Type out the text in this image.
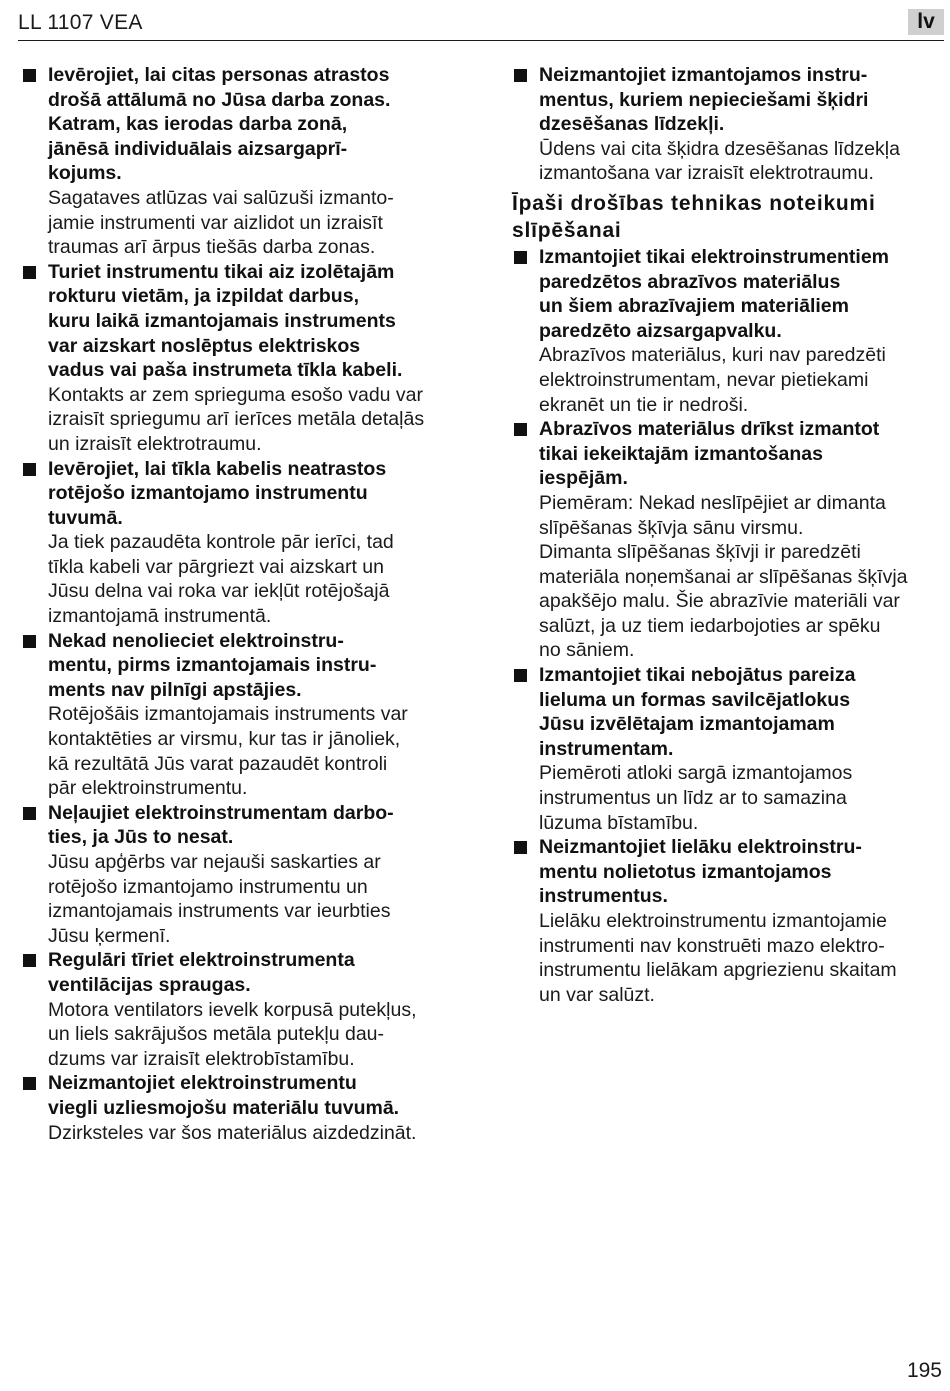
LL 1107 VEA	lv

Ievērojiet, lai citas personas atrastos
drošā attālumā no Jūsa darba zonas.
Katram, kas ierodas darba zonā,
jānēsā individuālais aizsargaprī-
kojums.

Sagataves atlūzas vai salūzuši izmanto-
jamie instrumenti var aizlidot un izraisīt
traumas arī ārpus tiešās darba zonas.

Turiet instrumentu tikai aiz izolētajām
rokturu vietām, ja izpildat darbus,
kuru laikā izmantojamais instruments
var aizskart noslēptus elektriskos
vadus vai paša instrumeta tīkla kabeli.

Kontakts ar zem sprieguma esošo vadu var
izraisīt spriegumu arī ierīces metāla detaļās
un izraisīt elektrotraumu.

Ievērojiet, lai tīkla kabelis neatrastos
rotējošo izmantojamo instrumentu
tuvumā.

Ja tiek pazaudēta kontrole pār ierīci, tad
tīkla kabeli var pārgriezt vai aizskart un
Jūsu delna vai roka var iekļūt rotējošajā
izmantojamā instrumentā.

Nekad nenolieciet elektroinstru-
mentu, pirms izmantojamais instru-
ments nav pilnīgi apstājies.

Rotējošāis izmantojamais instruments var
kontaktēties ar virsmu, kur tas ir jānoliek,
kā rezultātā Jūs varat pazaudēt kontroli
pār elektroinstrumentu.

Neļaujiet elektroinstrumentam darbo-
ties, ja Jūs to nesat.

Jūsu apģērbs var nejauši saskarties ar
rotējošo izmantojamo instrumentu un
izmantojamais instruments var ieurbties
Jūsu ķermenī.

Regulāri tīriet elektroinstrumenta
ventilācijas spraugas.

Motora ventilators ievelk korpusā putekļus,
un liels sakrājušos metāla putekļu dau-
dzums var izraisīt elektrobīstamību.

Neizmantojiet elektroinstrumentu
viegli uzliesmojošu materiālu tuvumā.

Dzirksteles var šos materiālus aizdedzināt.

Neizmantojiet izmantojamos instru-
mentus, kuriem nepieciešami šķidri
dzesēšanas līdzekļi.

Ūdens vai cita šķidra dzesēšanas līdzekļa
izmantošana var izraisīt elektrotraumu.

Īpaši drošības tehnikas noteikumi
slīpēšanai

Izmantojiet tikai elektroinstrumentiem
paredzētos abrazīvos materiālus
un šiem abrazīvajiem materiāliem
paredzēto aizsargapvalku.

Abrazīvos materiālus, kuri nav paredzēti
elektroinstrumentam, nevar pietiekami
ekranēt un tie ir nedroši.

Abrazīvos materiālus drīkst izmantot
tikai iekeiktajām izmantošanas
iespējām.

Piemēram: Nekad neslīpējiet ar dimanta
slīpēšanas šķīvja sānu virsmu.
Dimanta slīpēšanas šķīvji ir paredzēti
materiāla noņemšanai ar slīpēšanas šķīvja
apakšējo malu. Šie abrazīvie materiāli var
salūzt, ja uz tiem iedarbojoties ar spēku
no sāniem.

Izmantojiet tikai nebojātus pareiza
lieluma un formas savilcējatlokus
Jūsu izvēlētajam izmantojamam
instrumentam.

Piemēroti atloki sargā izmantojamos
instrumentus un līdz ar to samazina
lūzuma bīstamību.

Neizmantojiet lielāku elektroinstru-
mentu nolietotus izmantojamos
instrumentus.

Lielāku elektroinstrumentu izmantojamie
instrumenti nav konstruēti mazo elektro-
instrumentu lielākam apgriezienu skaitam
un var salūzt.

195
